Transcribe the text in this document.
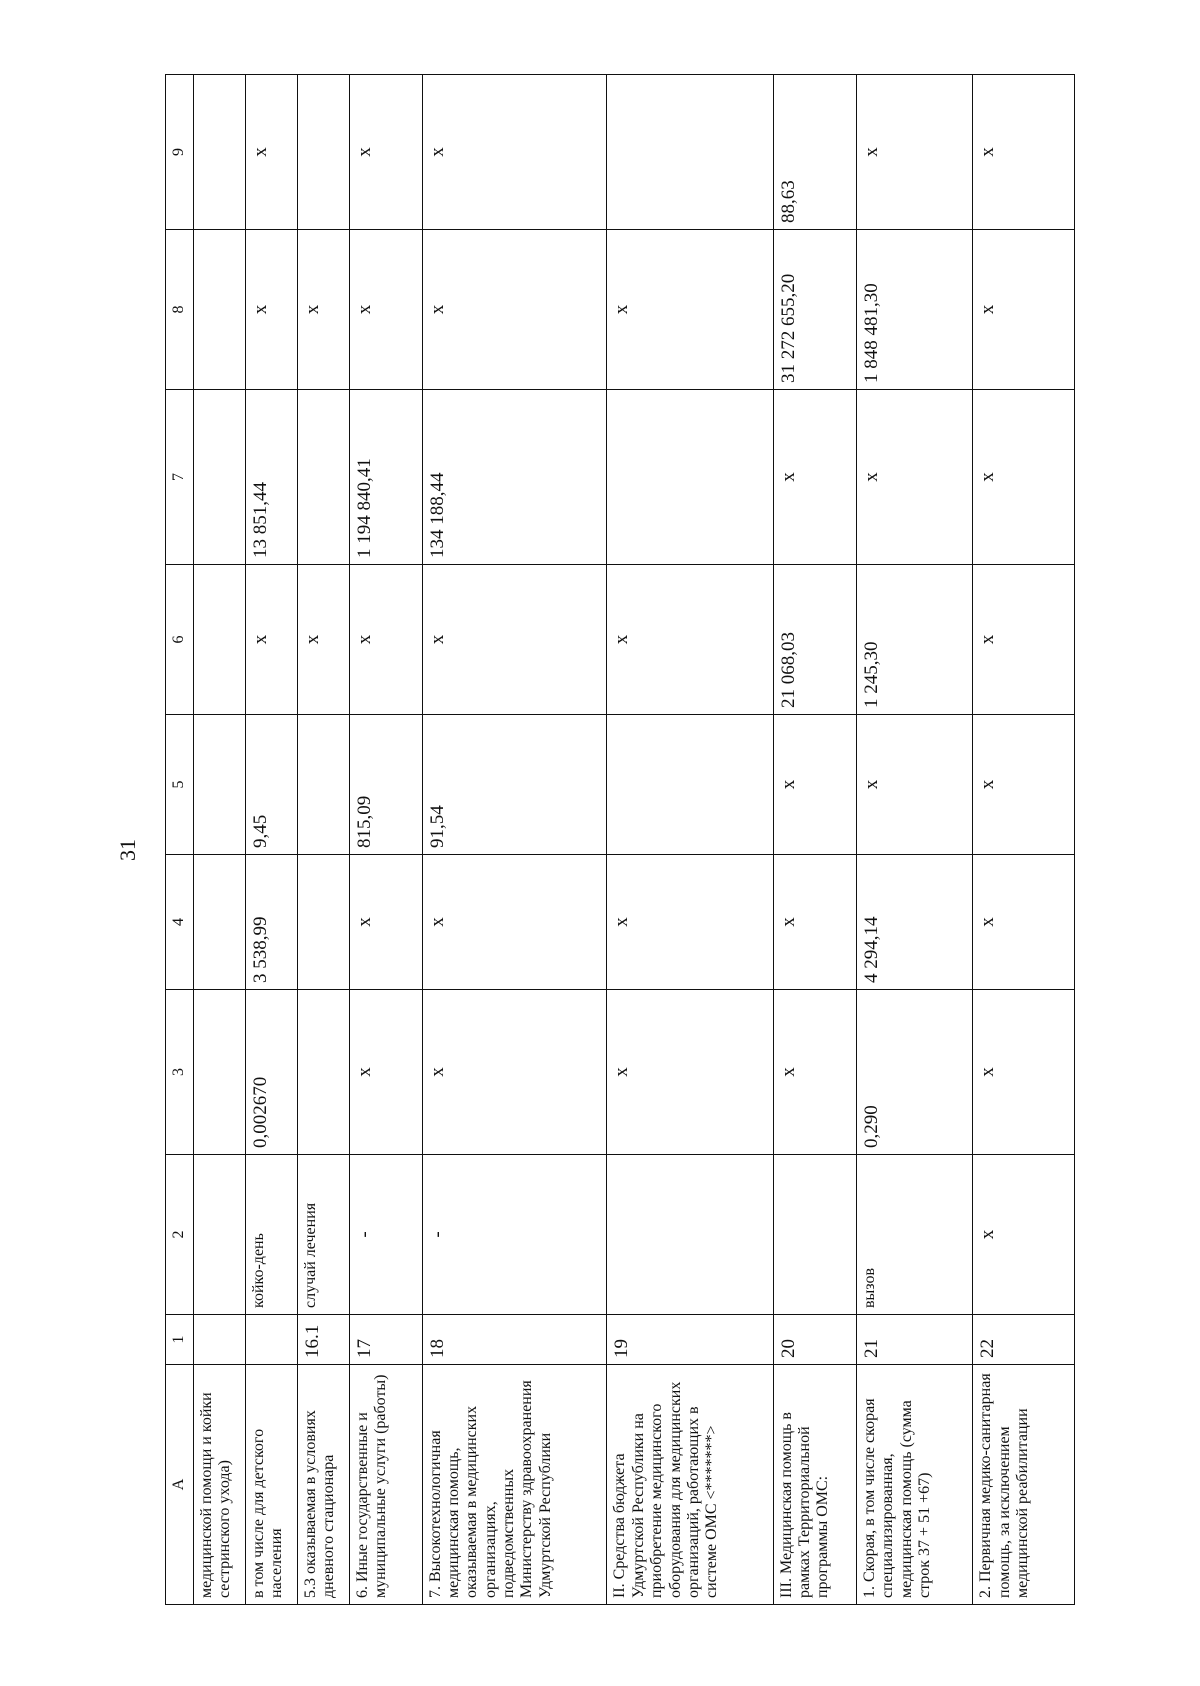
31
А	1	2	3	4	5	6	7	8	9
медицинской помощи и койки сестринского ухода)									
в том числе для детского населения		койко-день	0,002670	3 538,99	9,45	х	13 851,44	х	х
5.3 оказываемая в условиях дневного стационара	16.1	случай лечения				х		х	
6. Иные государственные и муниципальные услуги (работы)	17	-	х	х	815,09	х	1 194 840,41	х	х
7. Высокотехнологичная медицинская помощь, оказываемая в медицинских организациях, подведомственных Министерству здравоохранения Удмуртской Республики	18	-	х	х	91,54	х	134 188,44	х	х
II. Средства бюджета Удмуртской Республики на приобретение медицинского оборудования для медицинских организаций, работающих в системе ОМС <*******>	19		х	х		х		х	
III. Медицинская помощь в рамках Территориальной программы ОМС:	20		х	х	х	21 068,03	х	31 272 655,20	88,63
1. Скорая, в том числе скорая специализированная, медицинская помощь (сумма строк 37 + 51 +67)	21	вызов	0,290	4 294,14	х	1 245,30	х	1 848 481,30	х
2. Первичная медико-санитарная помощь, за исключением медицинской реабилитации	22	х	х	х	х	х	х	х	х
